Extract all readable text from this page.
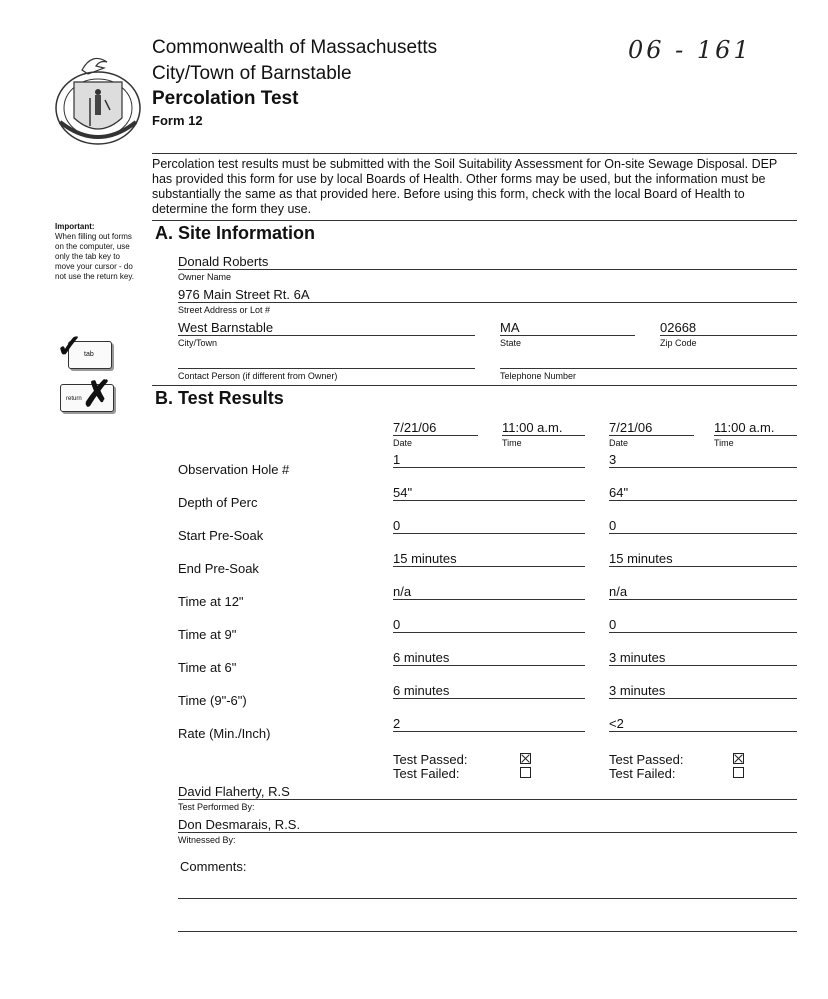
Commonwealth of Massachusetts
City/Town of Barnstable
Percolation Test
Form 12
06 - 161
Percolation test results must be submitted with the Soil Suitability Assessment for On-site Sewage Disposal. DEP has provided this form for use by local Boards of Health. Other forms may be used, but the information must be substantially the same as that provided here. Before using this form, check with the local Board of Health to determine the form they use.
Important:
When filling out forms on the computer, use only the tab key to move your cursor - do not use the return key.
tab
✓
return ✗
A. Site Information
Donald Roberts
Owner Name
976 Main Street Rt. 6A
Street Address or Lot #
West Barnstable
City/Town
MA
State
02668
Zip Code
Contact Person (if different from Owner)	Telephone Number
B. Test Results
7/21/06
Date
11:00 a.m.
Time
7/21/06
Date
11:00 a.m.
Time
Observation Hole #
Depth of Perc
Start Pre-Soak
End Pre-Soak
Time at 12"
Time at 9"
Time at 6"
Time (9"-6")
Rate (Min./Inch)
1
54"
0
15 minutes
n/a
0
6 minutes
6 minutes
2
3
64"
0
15 minutes
n/a
0
3 minutes
3 minutes
<2
Test Passed:
Test Failed:
Test Passed:
Test Failed:
David Flaherty, R.S
Test Performed By:
Don Desmarais, R.S.
Witnessed By:
Comments:
